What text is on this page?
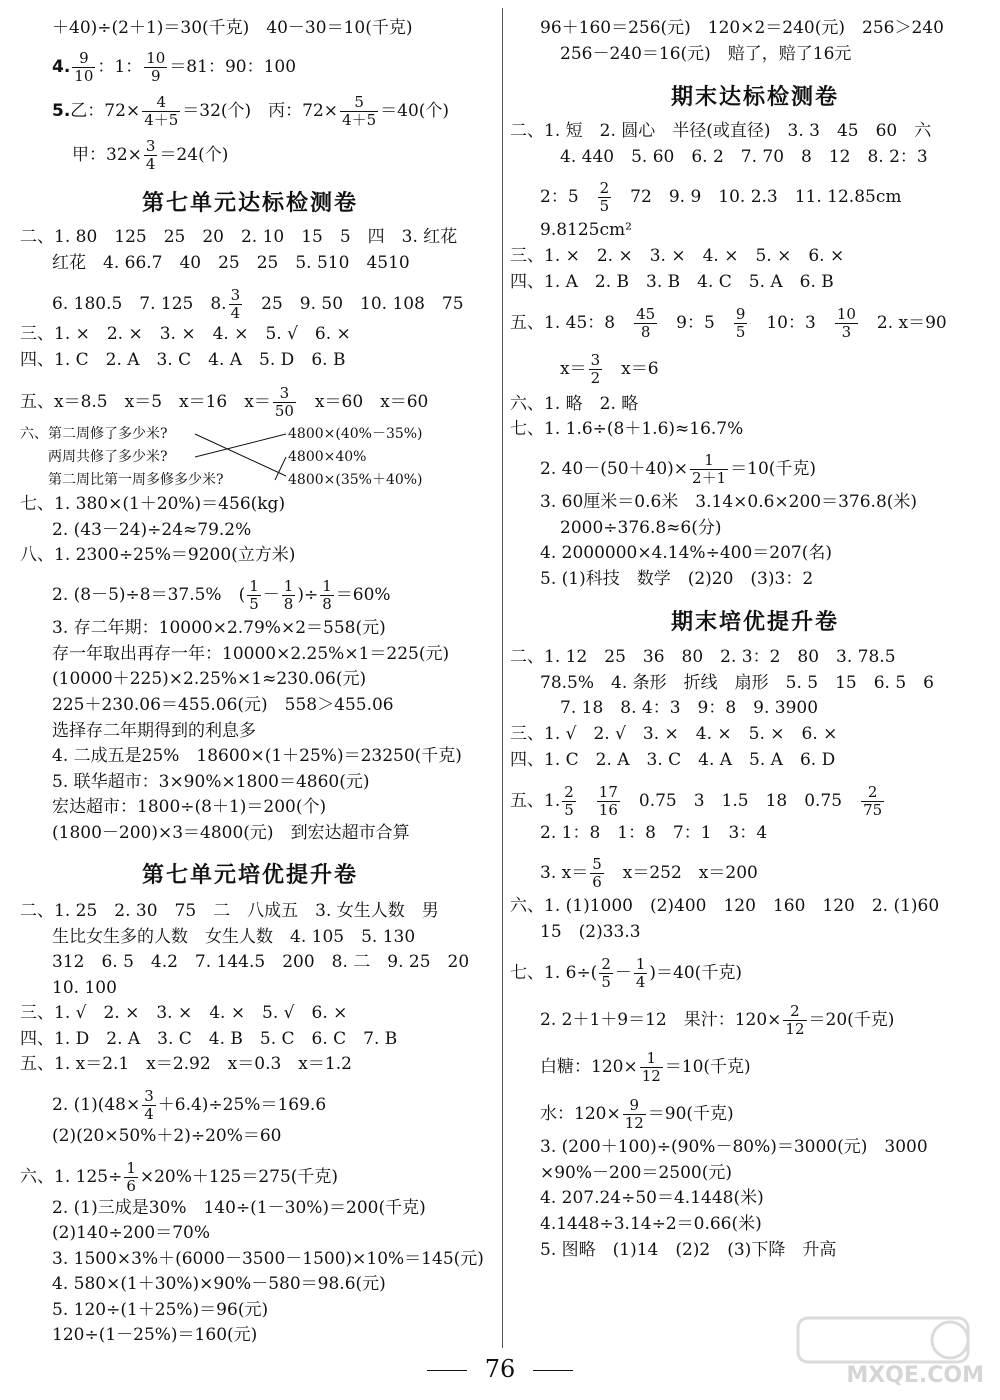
＋40)÷(2＋1)＝30(千克)　40－30＝10(千克)
4. $\frac{9}{10}$ ：1： $\frac{10}{9} =81$：90：100
5.乙：$72\times \frac{4}{4+5} =32$(个)　丙：$72\times \frac{5}{4+5} =40$(个)
甲：$32\times \frac{3}{4} =24$(个)
第七单元达标检测卷
二、1. 80　125　25　20　2. 10　15　5　四　3. 红花
红花　4. 66.7　40　25　25　5. 510　4510
6. 180.5　7. 125　8. $\frac{3}{4}$ 　25　9. 50　10. 108　75
三、1. ×　2. ×　3. ×　4. ×　5. √　6. ×
四、1. C　2. A　3. C　4. A　5. D　6. B
五、x＝8.5　x＝5　x＝16　$x= \frac{3}{50}$ 　x＝60　x＝60
六、第二周修了多少米?
两周共修了多少米?
第二周比第一周多修多少米?
4800×(40%－35%)
4800×40%
4800×(35%＋40%)
七、1. 380×(1＋20%)＝456(kg)
2. (43－24)÷24≈79.2%
八、1. 2300÷25%＝9200(立方米)
2. (8－5)÷8＝37.5%　( $\frac{1}{5} - \frac{1}{8}$ )÷ $\frac{1}{8} =60\%$
3. 存二年期：10000×2.79%×2＝558(元)
存一年取出再存一年：10000×2.25%×1＝225(元)
(10000＋225)×2.25%×1≈230.06(元)
225＋230.06＝455.06(元)　558＞455.06
选择存二年期得到的利息多
4. 二成五是25%　18600×(1＋25%)＝23250(千克)
5. 联华超市：3×90%×1800＝4860(元)
宏达超市：1800÷(8＋1)＝200(个)
(1800－200)×3＝4800(元)　到宏达超市合算
第七单元培优提升卷
二、1. 25　2. 30　75　二　八成五　3. 女生人数　男
生比女生多的人数　女生人数　4. 105　5. 130
312　6. 5　4.2　7. 144.5　200　8. 二　9. 25　20
10. 100
三、1. √　2. ×　3. ×　4. ×　5. √　6. ×
四、1. D　2. A　3. C　4. B　5. C　6. C　7. B
五、1. x＝2.1　x＝2.92　x＝0.3　x＝1.2
2. $(1)(48\times \frac{3}{4} +6.4)\div 25\%=169.6$
(2)(20×50%＋2)÷20%＝60
六、1. $125\div \frac{1}{6} \times 20\%+125=275$(千克)
2. (1)三成是30%　140÷(1－30%)＝200(千克)
(2)140÷200＝70%
3. 1500×3%＋(6000－3500－1500)×10%＝145(元)
4. 580×(1＋30%)×90%－580＝98.6(元)
5. 120÷(1＋25%)＝96(元)
120÷(1－25%)＝160(元)
96＋160＝256(元)　120×2＝240(元)　256＞240
256－240＝16(元)　赔了，赔了16元
期末达标检测卷
二、1. 短　2. 圆心　半径(或直径)　3. 3　45　60　六
4. 440　5. 60　6. 2　7. 70　8　12　8. 2：3
2：5　 $\frac{2}{5}$ 　72　9. 9　10. 2.3　11. 12.85cm
9.8125cm²
三、1. ×　2. ×　3. ×　4. ×　5. ×　6. ×
四、1. A　2. B　3. B　4. C　5. A　6. B
五、1. 45：8　 $\frac{45}{8}$
　 9：5　 $\frac{9}{5}$
　 10：3　 $\frac{10}{3}$
　 2. x＝90
$x= \frac{3}{2}$ 　x＝6
六、1. 略　2. 略
七、1. 1.6÷(8＋1.6)≈16.7%
2. $40-(50+40)\times \frac{1}{2+1} =10$(千克)
3. 60厘米＝0.6米　3.14×0.6×200＝376.8(米)
2000÷376.8≈6(分)
4. 2000000×4.14%÷400＝207(名)
5. (1)科技　数学　(2)20　(3)3：2
期末培优提升卷
二、1. 12　25　36　80　2. 3：2　80　3. 78.5
78.5%　4. 条形　折线　扇形　5. 5　15　6. 5　6
7. 18　8. 4：3　9：8　9. 3900
三、1. √　2. √　3. ×　4. ×　5. ×　6. ×
四、1. C　2. A　3. C　4. A　5. A　6. D
五、1. $\frac{2}{5}$
　 $\frac{17}{16}$
　 0.75　3　1.5　18　0.75　 $\frac{2}{75}$
2. 1：8　1：8　7：1　3：4
3. $x= \frac{5}{6}$ 　x＝252　x＝200
六、1. (1)1000　(2)400　120　160　120　2. (1)60
15　(2)33.3
七、1. $6\div( \frac{2}{5} - \frac{1}{4} )=40$(千克)
2. 2＋1＋9＝12　果汁：$120\times \frac{2}{12} =20$(千克)
白糖：$120\times \frac{1}{12} =10$(千克)
水：$120\times \frac{9}{12} =90$(千克)
3. (200＋100)÷(90%－80%)＝3000(元)　3000
×90%－200＝2500(元)
4. 207.24÷50＝4.1448(米)
4.1448÷3.14÷2＝0.66(米)
5. 图略　(1)14　(2)2　(3)下降　升高
76	MXQE.COM
